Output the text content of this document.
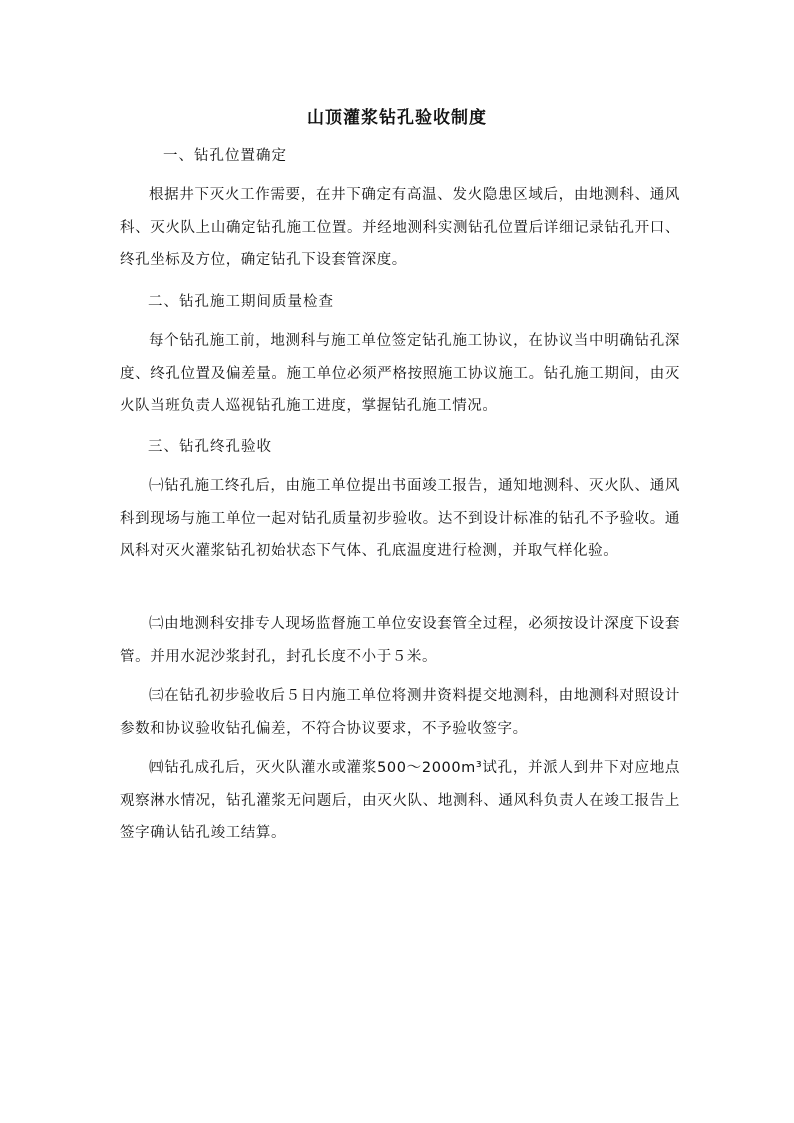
山顶灌浆钻孔验收制度
一、钻孔位置确定
根据井下灭火工作需要，在井下确定有高温、发火隐患区域后，由地测科、通风科、灭火队上山确定钻孔施工位置。并经地测科实测钻孔位置后详细记录钻孔开口、终孔坐标及方位，确定钻孔下设套管深度。
二、钻孔施工期间质量检查
每个钻孔施工前，地测科与施工单位签定钻孔施工协议，在协议当中明确钻孔深度、终孔位置及偏差量。施工单位必须严格按照施工协议施工。钻孔施工期间，由灭火队当班负责人巡视钻孔施工进度，掌握钻孔施工情况。
三、钻孔终孔验收
㈠钻孔施工终孔后，由施工单位提出书面竣工报告，通知地测科、灭火队、通风科到现场与施工单位一起对钻孔质量初步验收。达不到设计标准的钻孔不予验收。通风科对灭火灌浆钻孔初始状态下气体、孔底温度进行检测，并取气样化验。
㈡由地测科安排专人现场监督施工单位安设套管全过程，必须按设计深度下设套管。并用水泥沙浆封孔，封孔长度不小于５米。
㈢在钻孔初步验收后５日内施工单位将测井资料提交地测科，由地测科对照设计参数和协议验收钻孔偏差，不符合协议要求，不予验收签字。
㈣钻孔成孔后，灭火队灌水或灌浆500～2000m³试孔，并派人到井下对应地点观察淋水情况，钻孔灌浆无问题后，由灭火队、地测科、通风科负责人在竣工报告上签字确认钻孔竣工结算。
